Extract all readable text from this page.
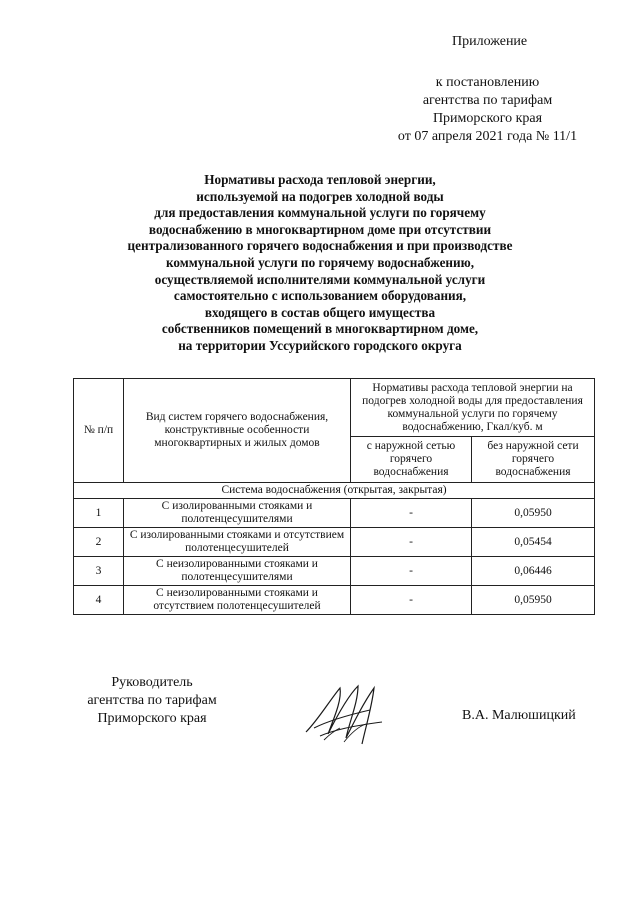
Приложение
к постановлению
агентства по тарифам
Приморского края
от 07 апреля 2021 года № 11/1
Нормативы расхода тепловой энергии,
используемой на подогрев холодной воды
для предоставления коммунальной услуги по горячему
водоснабжению в многоквартирном доме при отсутствии
централизованного горячего водоснабжения и при производстве
коммунальной услуги по горячему водоснабжению,
осуществляемой исполнителями коммунальной услуги
самостоятельно с использованием оборудования,
входящего в состав общего имущества
собственников помещений в многоквартирном доме,
на территории Уссурийского городского округа
№ п/п	Вид систем горячего водоснабжения, конструктивные особенности многоквартирных и жилых домов	Нормативы расхода тепловой энергии на подогрев холодной воды для предоставления коммунальной услуги по горячему водоснабжению, Гкал/куб. м	
		с наружной сетью горячего водоснабжения	без наружной сети горячего водоснабжения
Система водоснабжения (открытая, закрытая)			
1	С изолированными стояками и полотенцесушителями	-	0,05950
2	С изолированными стояками и отсутствием полотенцесушителей	-	0,05454
3	С неизолированными стояками и полотенцесушителями	-	0,06446
4	С неизолированными стояками и отсутствием полотенцесушителей	-	0,05950
Руководитель
агентства по тарифам
Приморского края	В.А. Малюшицкий
